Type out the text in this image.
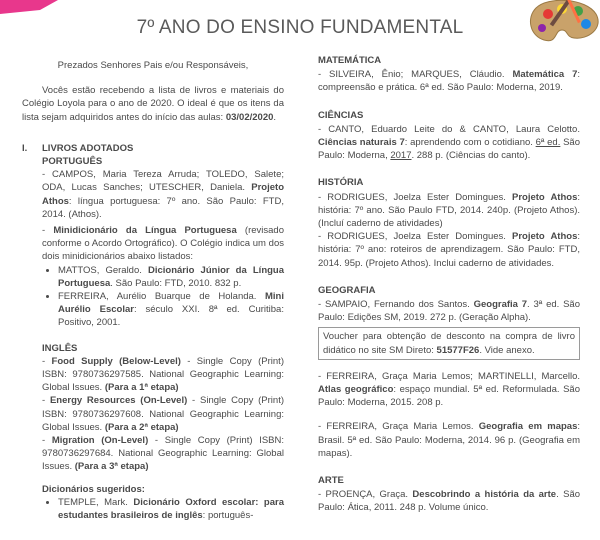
7º ANO DO ENSINO FUNDAMENTAL

Prezados Senhores Pais e/ou Responsáveis,

Vocês estão recebendo a lista de livros e materiais do Colégio Loyola para o ano de 2020. O ideal é que os itens da lista sejam adquiridos antes do início das aulas: 03/02/2020.

I.	LIVROS ADOTADOS

PORTUGUÊS

- CAMPOS, Maria Tereza Arruda; TOLEDO, Salete; ODA, Lucas Sanches; UTESCHER, Daniela. Projeto Athos: língua portuguesa: 7º ano. São Paulo: FTD, 2014. (Athos).

- Minidicionário da Língua Portuguesa (revisado conforme o Acordo Ortográfico). O Colégio indica um dos dois minidicionários abaixo listados:

• MATTOS, Geraldo. Dicionário Júnior da Língua Portuguesa. São Paulo: FTD, 2010. 832 p.
• FERREIRA, Aurélio Buarque de Holanda. Mini Aurélio Escolar: século XXI. 8ª ed. Curitiba: Positivo, 2001.

INGLÊS

- Food Supply (Below-Level) - Single Copy (Print) ISBN: 9780736297585. National Geographic Learning: Global Issues. (Para a 1ª etapa)

- Energy Resources (On-Level) - Single Copy (Print) ISBN: 9780736297608. National Geographic Learning: Global Issues. (Para a 2ª etapa)

- Migration (On-Level) - Single Copy (Print) ISBN: 9780736297684. National Geographic Learning: Global Issues. (Para a 3ª etapa)

Dicionários sugeridos:

• TEMPLE, Mark. Dicionário Oxford escolar: para estudantes brasileiros de inglês: português-

MATEMÁTICA

- SILVEIRA, Ênio; MARQUES, Cláudio. Matemática 7: compreensão e prática. 6ª ed. São Paulo: Moderna, 2019.

CIÊNCIAS

- CANTO, Eduardo Leite do & CANTO, Laura Celotto. Ciências naturais 7: aprendendo com o cotidiano. 6ª ed. São Paulo: Moderna, 2017. 288 p. (Ciências do canto).

HISTÓRIA

- RODRIGUES, Joelza Ester Domingues. Projeto Athos: história: 7º ano. São Paulo FTD, 2014. 240p. (Projeto Athos). (Incluí caderno de atividades)

- RODRIGUES, Joelza Ester Domingues. Projeto Athos: história: 7º ano: roteiros de aprendizagem. São Paulo: FTD, 2014. 95p. (Projeto Athos). Inclui caderno de atividades.

GEOGRAFIA

- SAMPAIO, Fernando dos Santos. Geografia 7. 3ª ed. São Paulo: Edições SM, 2019. 272 p. (Geração Alpha).

Voucher para obtenção de desconto na compra de livro didático no site SM Direto: 51577F26. Vide anexo.

- FERREIRA, Graça Maria Lemos; MARTINELLI, Marcello. Atlas geográfico: espaço mundial. 5ª ed. Reformulada. São Paulo: Moderna, 2015. 208 p.

- FERREIRA, Graça Maria Lemos. Geografia em mapas: Brasil. 5ª ed. São Paulo: Moderna, 2014. 96 p. (Geografia em mapas).

ARTE

- PROENÇA, Graça. Descobrindo a história da arte. São Paulo: Ática, 2011. 248 p. Volume único.
